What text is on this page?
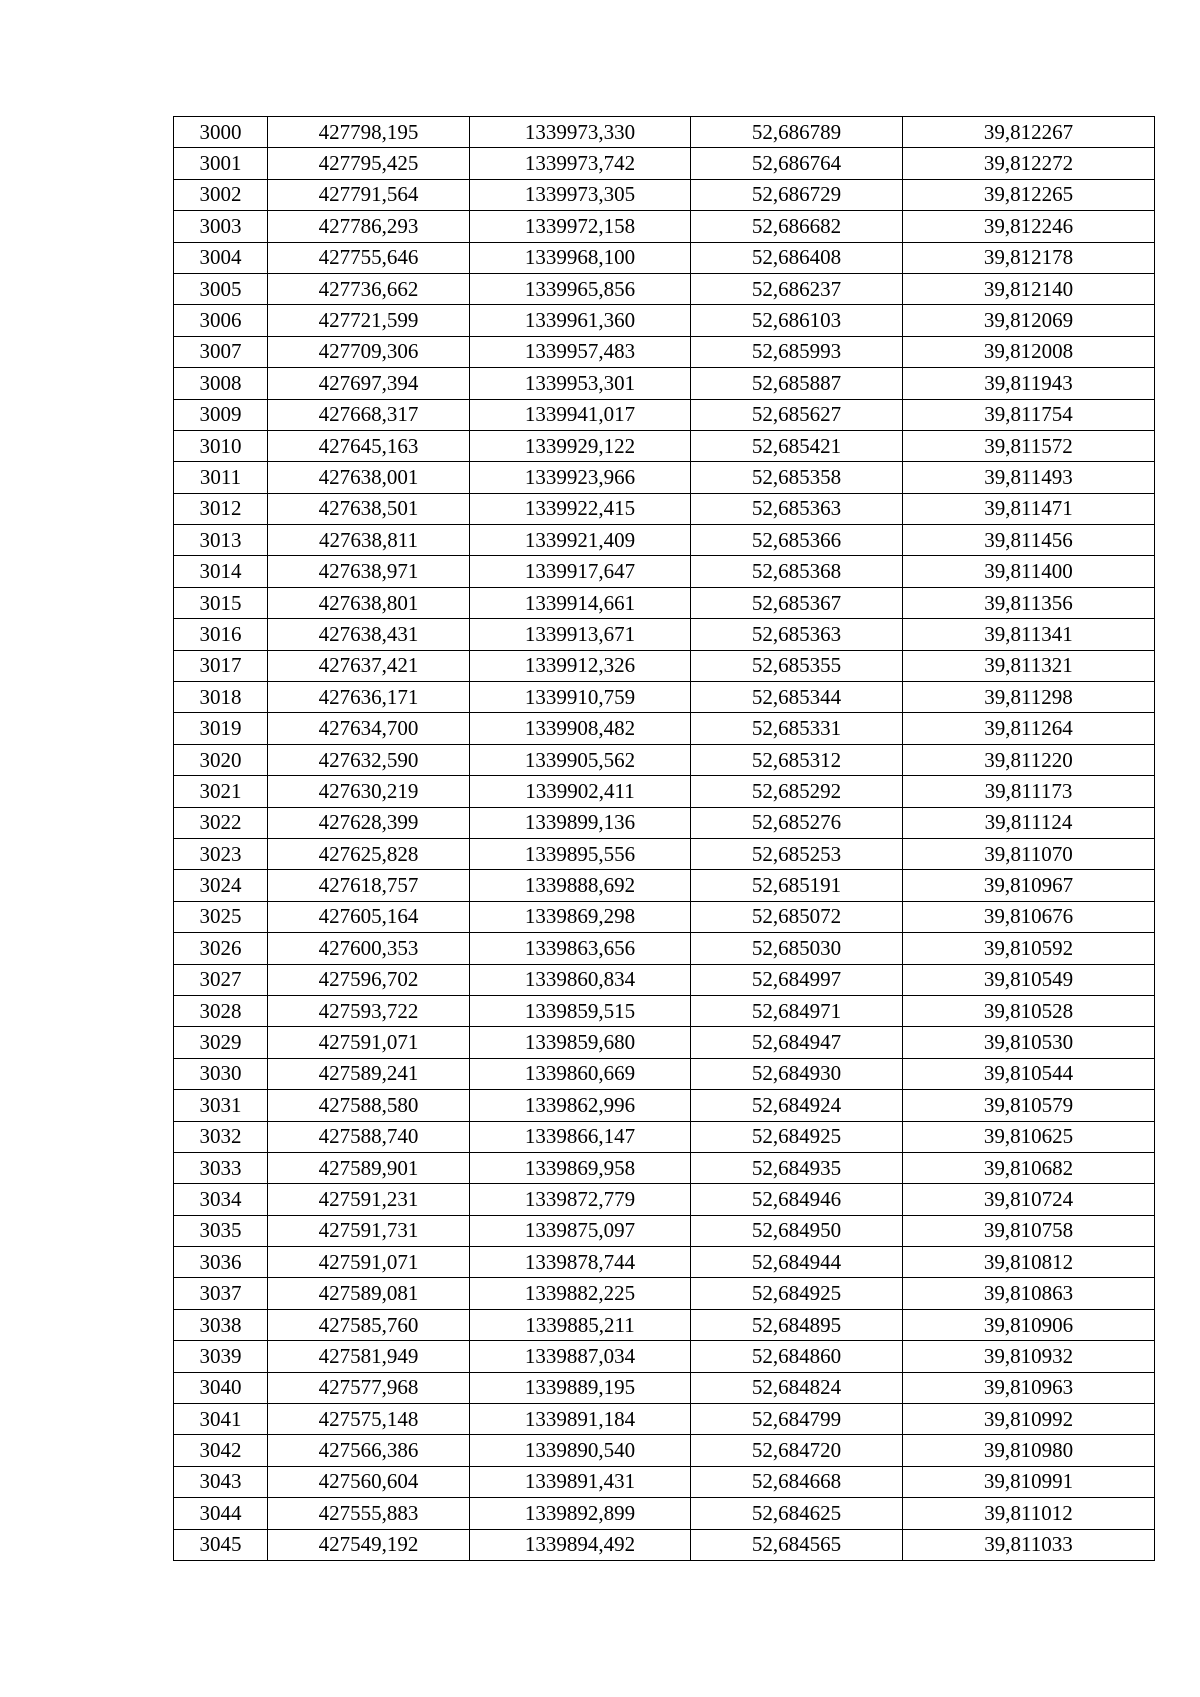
3000	427798,195	1339973,330	52,686789	39,812267
3001	427795,425	1339973,742	52,686764	39,812272
3002	427791,564	1339973,305	52,686729	39,812265
3003	427786,293	1339972,158	52,686682	39,812246
3004	427755,646	1339968,100	52,686408	39,812178
3005	427736,662	1339965,856	52,686237	39,812140
3006	427721,599	1339961,360	52,686103	39,812069
3007	427709,306	1339957,483	52,685993	39,812008
3008	427697,394	1339953,301	52,685887	39,811943
3009	427668,317	1339941,017	52,685627	39,811754
3010	427645,163	1339929,122	52,685421	39,811572
3011	427638,001	1339923,966	52,685358	39,811493
3012	427638,501	1339922,415	52,685363	39,811471
3013	427638,811	1339921,409	52,685366	39,811456
3014	427638,971	1339917,647	52,685368	39,811400
3015	427638,801	1339914,661	52,685367	39,811356
3016	427638,431	1339913,671	52,685363	39,811341
3017	427637,421	1339912,326	52,685355	39,811321
3018	427636,171	1339910,759	52,685344	39,811298
3019	427634,700	1339908,482	52,685331	39,811264
3020	427632,590	1339905,562	52,685312	39,811220
3021	427630,219	1339902,411	52,685292	39,811173
3022	427628,399	1339899,136	52,685276	39,811124
3023	427625,828	1339895,556	52,685253	39,811070
3024	427618,757	1339888,692	52,685191	39,810967
3025	427605,164	1339869,298	52,685072	39,810676
3026	427600,353	1339863,656	52,685030	39,810592
3027	427596,702	1339860,834	52,684997	39,810549
3028	427593,722	1339859,515	52,684971	39,810528
3029	427591,071	1339859,680	52,684947	39,810530
3030	427589,241	1339860,669	52,684930	39,810544
3031	427588,580	1339862,996	52,684924	39,810579
3032	427588,740	1339866,147	52,684925	39,810625
3033	427589,901	1339869,958	52,684935	39,810682
3034	427591,231	1339872,779	52,684946	39,810724
3035	427591,731	1339875,097	52,684950	39,810758
3036	427591,071	1339878,744	52,684944	39,810812
3037	427589,081	1339882,225	52,684925	39,810863
3038	427585,760	1339885,211	52,684895	39,810906
3039	427581,949	1339887,034	52,684860	39,810932
3040	427577,968	1339889,195	52,684824	39,810963
3041	427575,148	1339891,184	52,684799	39,810992
3042	427566,386	1339890,540	52,684720	39,810980
3043	427560,604	1339891,431	52,684668	39,810991
3044	427555,883	1339892,899	52,684625	39,811012
3045	427549,192	1339894,492	52,684565	39,811033
